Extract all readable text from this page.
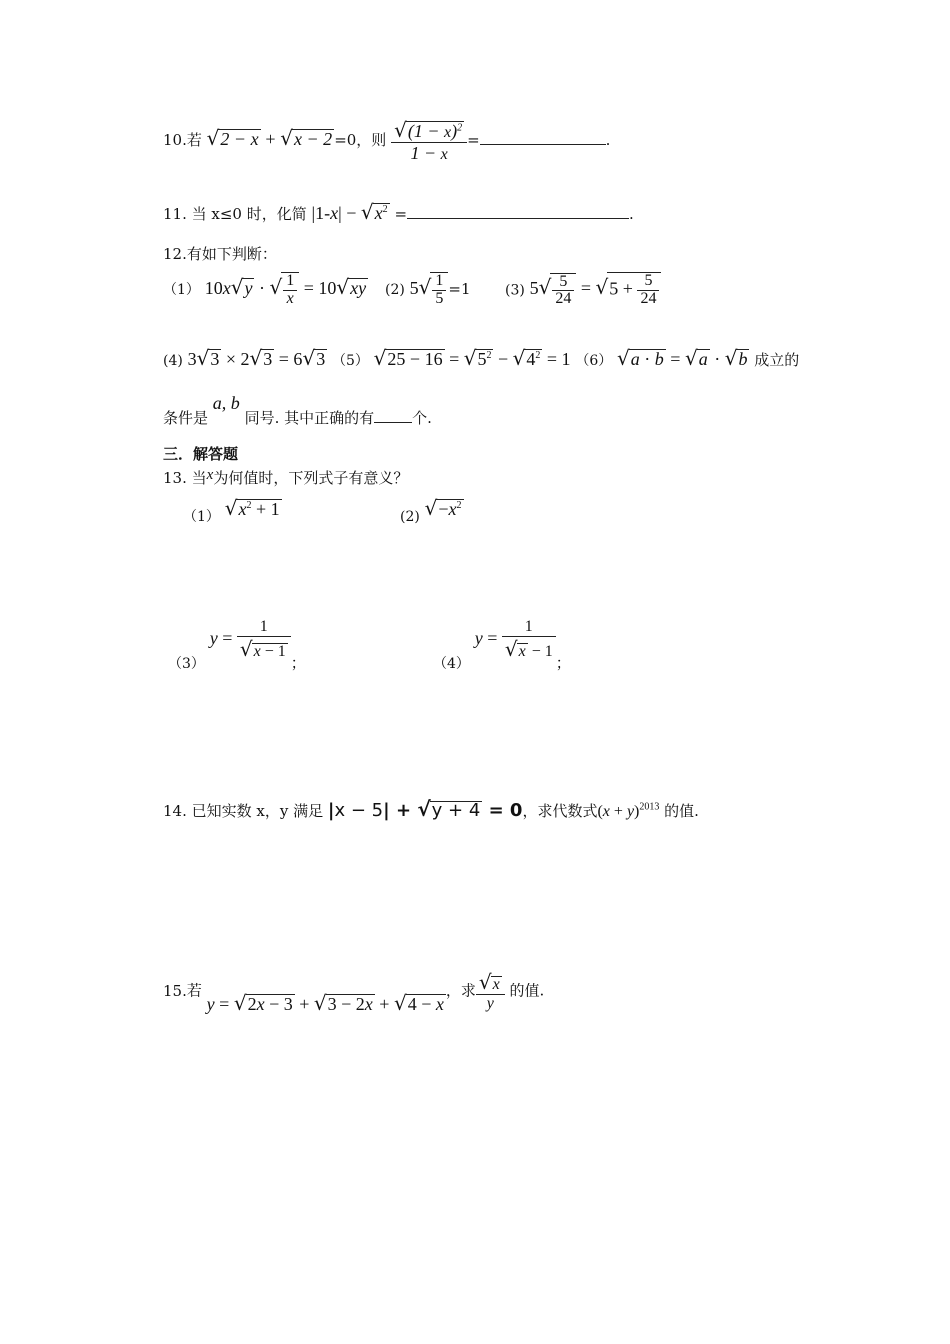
10.若 √2 − x + √x − 2 =0，则 $\frac{√(1 - x)^2}{1 - x}$ =	.
11. 当 x≤0 时，化简 $|1-x| - √x^2$ =	.
12.有如下判断：
（1） 10x√y · √ $\frac{1}{x} = 10√xy$ (2) $5√ \frac{1}{5} =1$ (3) $5√ \frac{5}{24} = √5 + \frac{5}{24}$
(4) 3√3 × 2√3 = 6√3 （5） $√25 - 16 = √5^2 - √4^2 = 1$ （6） √a · b = √a · √b 成立的
条件是 a, b 同号. 其中正确的有	个.
三．解答题
13. 当x为何值时，下列式子有意义？
（1） $√x^2 + 1$	(2) $√-x^2$
（3） $y = \frac{1}{√x - 1}$
；	（4） $y = \frac{1}{√x - 1}$
；
14. 已知实数 x，y 满足 |x − 5| + √y + 4 = 0，求代数式$(x + y)^{2013}$ 的值.
15.若 y = √2x − 3 + √3 − 2x + √4 − x，求 $\frac{√x}{y}$ 的值.
